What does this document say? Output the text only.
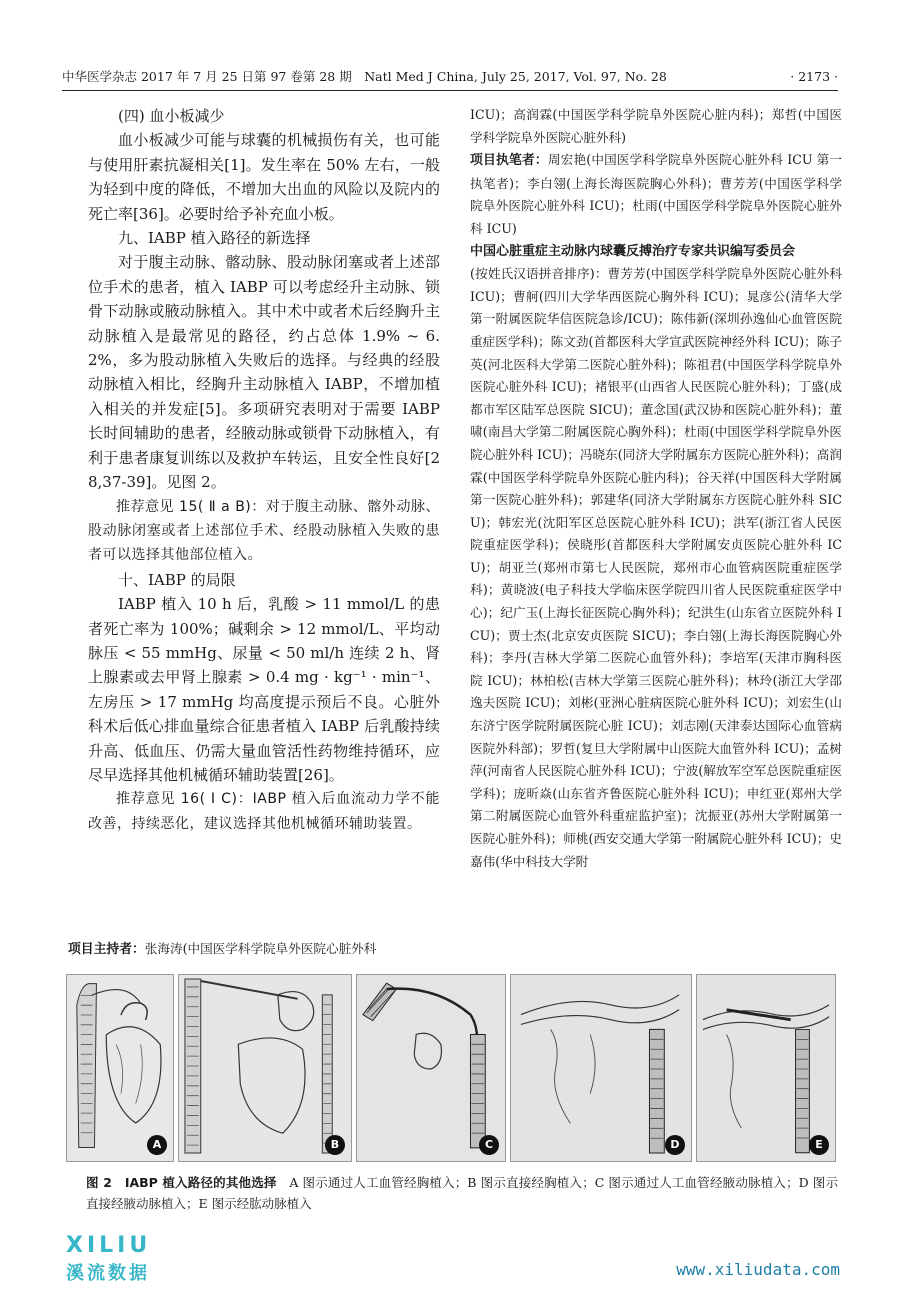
中华医学杂志 2017 年 7 月 25 日第 97 卷第 28 期　Natl Med J China, July 25, 2017, Vol. 97, No. 28	· 2173 ·

(四) 血小板减少

血小板减少可能与球囊的机械损伤有关，也可能与使用肝素抗凝相关[1]。发生率在 50% 左右，一般为轻到中度的降低，不增加大出血的风险以及院内的死亡率[36]。必要时给予补充血小板。

九、IABP 植入路径的新选择

对于腹主动脉、髂动脉、股动脉闭塞或者上述部位手术的患者，植入 IABP 可以考虑经升主动脉、锁骨下动脉或腋动脉植入。其中术中或者术后经胸升主动脉植入是最常见的路径，约占总体 1.9% ~ 6.2%，多为股动脉植入失败后的选择。与经典的经股动脉植入相比，经胸升主动脉植入 IABP，不增加植入相关的并发症[5]。多项研究表明对于需要 IABP 长时间辅助的患者，经腋动脉或锁骨下动脉植入，有利于患者康复训练以及救护车转运，且安全性良好[28,37-39]。见图 2。

推荐意见 15( Ⅱ a B)：对于腹主动脉、髂外动脉、股动脉闭塞或者上述部位手术、经股动脉植入失败的患者可以选择其他部位植入。

十、IABP 的局限

IABP 植入 10 h 后，乳酸 > 11 mmol/L 的患者死亡率为 100%；碱剩余 > 12 mmol/L、平均动脉压 < 55 mmHg、尿量 < 50 ml/h 连续 2 h、肾上腺素或去甲肾上腺素 > 0.4 mg · kg⁻¹ · min⁻¹、左房压 > 17 mmHg 均高度提示预后不良。心脏外科术后低心排血量综合征患者植入 IABP 后乳酸持续升高、低血压、仍需大量血管活性药物维持循环，应尽早选择其他机械循环辅助装置[26]。

推荐意见 16( Ⅰ C)：IABP 植入后血流动力学不能改善，持续恶化，建议选择其他机械循环辅助装置。

项目主持者：张海涛(中国医学科学院阜外医院心脏外科

ICU)；高润霖(中国医学科学院阜外医院心脏内科)；郑哲(中国医学科学院阜外医院心脏外科)

项目执笔者：周宏艳(中国医学科学院阜外医院心脏外科 ICU 第一执笔者)；李白翎(上海长海医院胸心外科)；曹芳芳(中国医学科学院阜外医院心脏外科 ICU)；杜雨(中国医学科学院阜外医院心脏外科 ICU)

中国心脏重症主动脉内球囊反搏治疗专家共识编写委员会

(按姓氏汉语拼音排序)：曹芳芳(中国医学科学院阜外医院心脏外科 ICU)；曹舸(四川大学华西医院心胸外科 ICU)；晁彦公(清华大学第一附属医院华信医院急诊/ICU)；陈伟新(深圳孙逸仙心血管医院重症医学科)；陈文劲(首都医科大学宣武医院神经外科 ICU)；陈子英(河北医科大学第二医院心脏外科)；陈祖君(中国医学科学院阜外医院心脏外科 ICU)；褚银平(山西省人民医院心脏外科)；丁盛(成都市军区陆军总医院 SICU)；董念国(武汉协和医院心脏外科)；董啸(南昌大学第二附属医院心胸外科)；杜雨(中国医学科学院阜外医院心脏外科 ICU)；冯晓东(同济大学附属东方医院心脏外科)；高润霖(中国医学科学院阜外医院心脏内科)；谷天祥(中国医科大学附属第一医院心脏外科)；郭建华(同济大学附属东方医院心脏外科 SICU)；韩宏光(沈阳军区总医院心脏外科 ICU)；洪军(浙江省人民医院重症医学科)；侯晓彤(首都医科大学附属安贞医院心脏外科 ICU)；胡亚兰(郑州市第七人民医院，郑州市心血管病医院重症医学科)；黄晓波(电子科技大学临床医学院四川省人民医院重症医学中心)；纪广玉(上海长征医院心胸外科)；纪洪生(山东省立医院外科 ICU)；贾士杰(北京安贞医院 SICU)；李白翎(上海长海医院胸心外科)；李丹(吉林大学第二医院心血管外科)；李培军(天津市胸科医院 ICU)；林柏松(吉林大学第三医院心脏外科)；林玲(浙江大学邵逸夫医院 ICU)；刘彬(亚洲心脏病医院心脏外科 ICU)；刘宏生(山东济宁医学院附属医院心脏 ICU)；刘志刚(天津泰达国际心血管病医院外科部)；罗哲(复旦大学附属中山医院大血管外科 ICU)；孟树萍(河南省人民医院心脏外科 ICU)；宁波(解放军空军总医院重症医学科)；庞昕焱(山东省齐鲁医院心脏外科 ICU)；申红亚(郑州大学第二附属医院心血管外科重症监护室)；沈振亚(苏州大学附属第一医院心脏外科)；师桃(西安交通大学第一附属院心脏外科 ICU)；史嘉伟(华中科技大学附

A	B	C	D	E
图 2　IABP 植入路径的其他选择　 A 图示通过人工血管经胸植入；B 图示直接经胸植入；C 图示通过人工血管经腋动脉植入；D 图示直接经腋动脉植入；E 图示经肱动脉植入
XILIU
溪流数据	www.xiliudata.com
